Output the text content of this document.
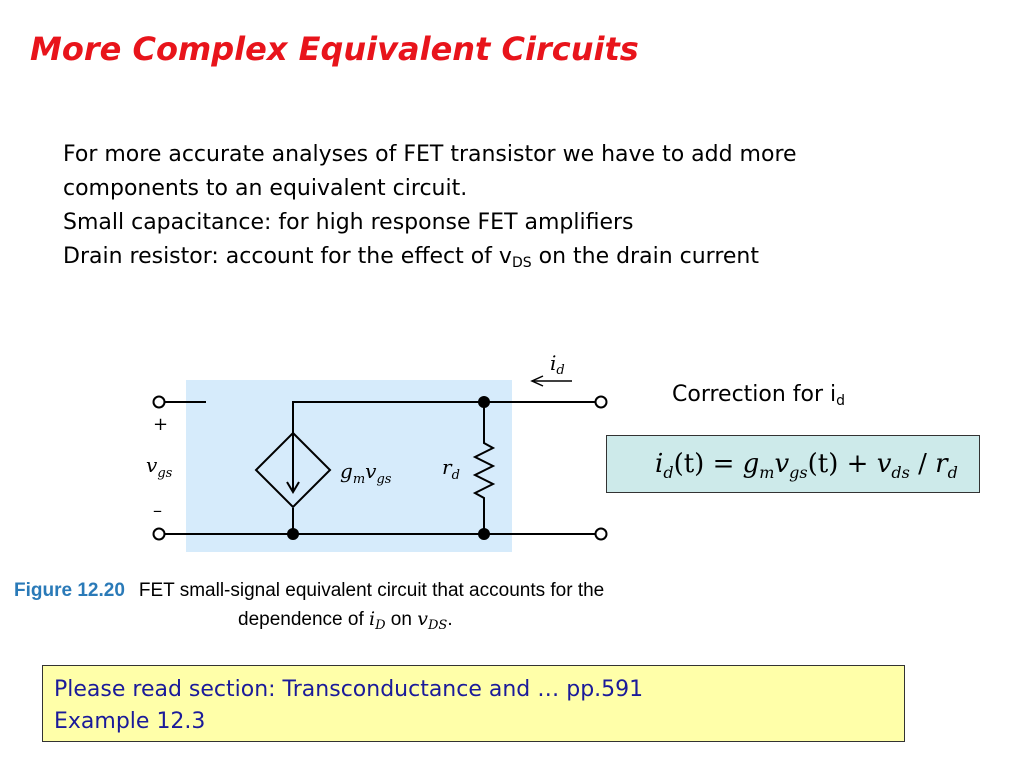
More Complex Equivalent Circuits
For more accurate analyses of FET transistor we have to add more
components to an equivalent circuit.
Small capacitance: for high response FET amplifiers
Drain resistor: account for the effect of $v_{DS}$ on the drain current
$i_d$
+
$v_{gs}$
–
$g_mv_{gs}$
$r_d$
Correction for $i_d$
$i_d(t) = g_mv_{gs}(t) + v_{ds} / r_d$
Figure 12.20 FET small-signal equivalent circuit that accounts for the
dependence of $i_D$ on $v_{DS}$.
Please read section: Transconductance and … pp.591
Example 12.3
